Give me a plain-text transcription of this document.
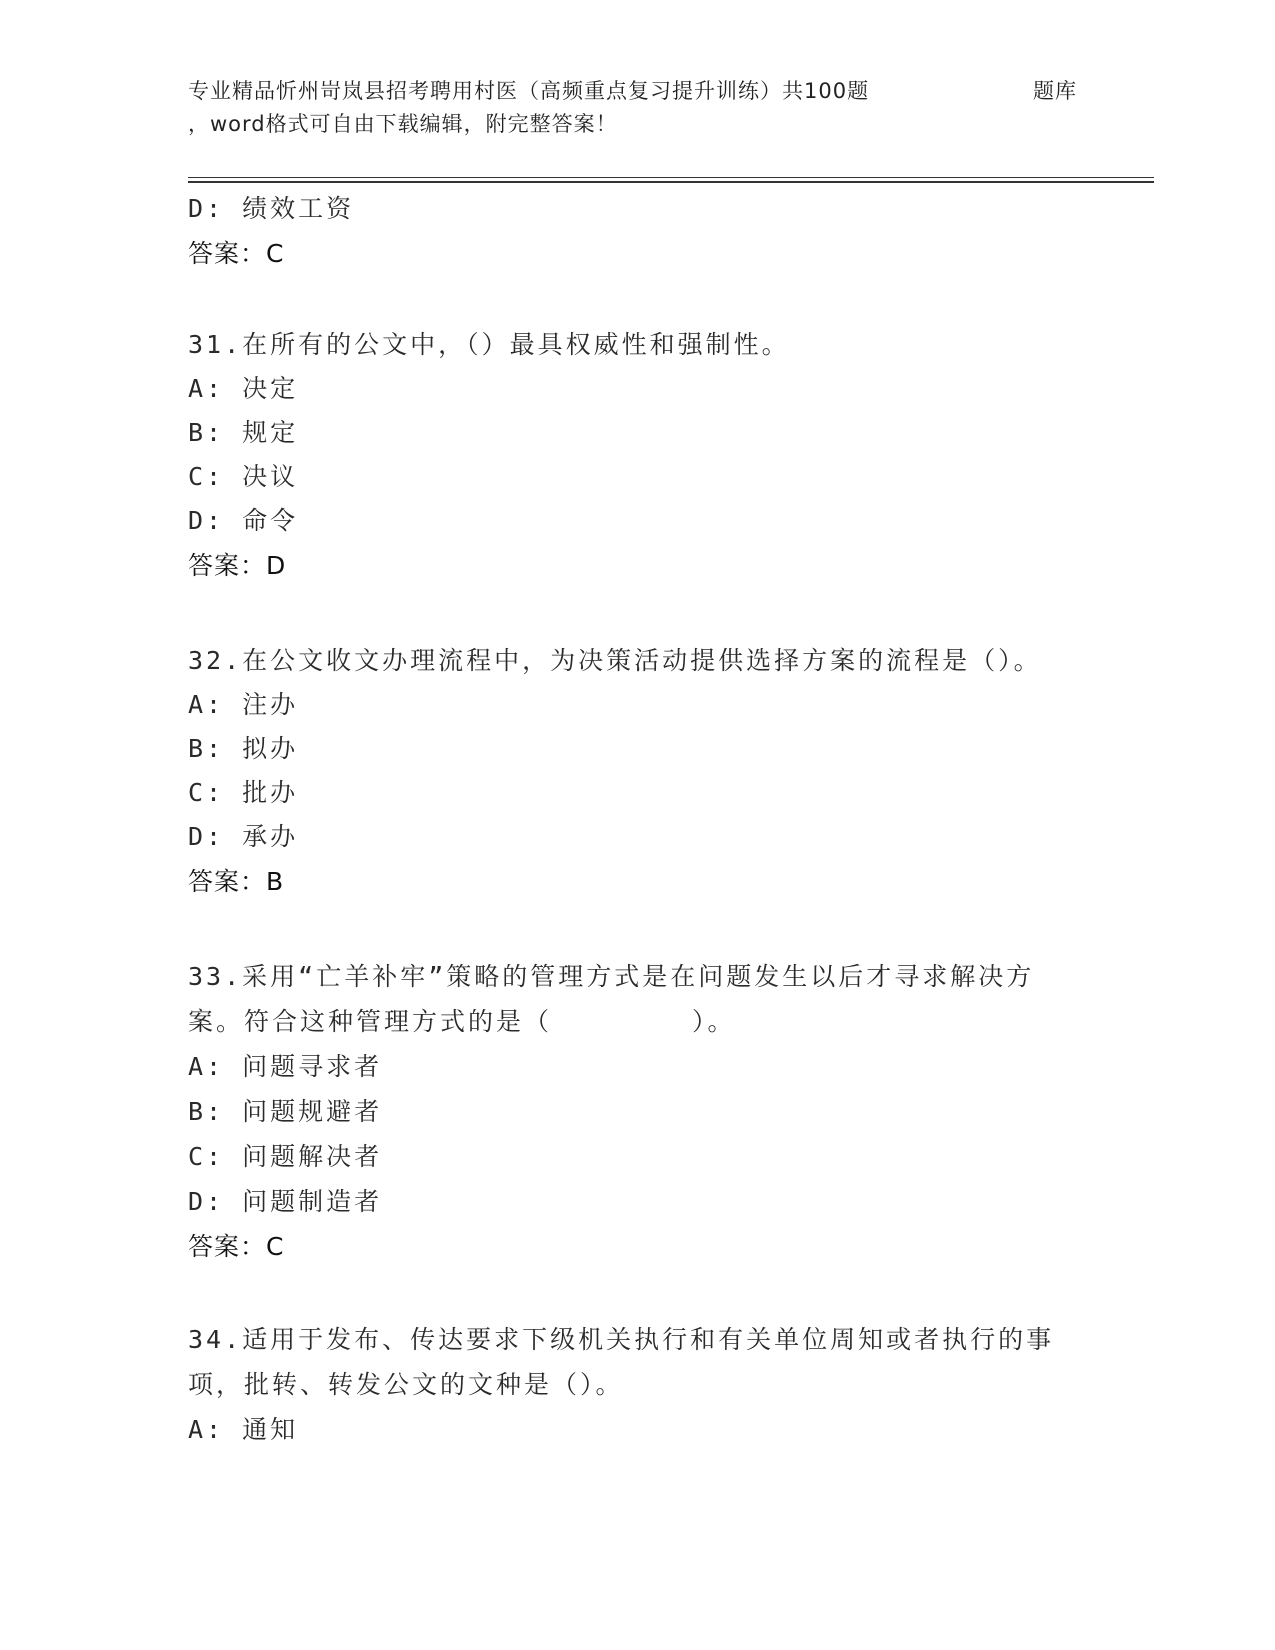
专业精品忻州岢岚县招考聘用村医（高频重点复习提升训练）共100题	题库
，word格式可自由下载编辑，附完整答案！
D: 绩效工资
答案：C
31.在所有的公文中，（）最具权威性和强制性。
A: 决定
B: 规定
C: 决议
D: 命令
答案：D
32.在公文收文办理流程中，为决策活动提供选择方案的流程是（）。
A: 注办
B: 拟办
C: 批办
D: 承办
答案：B
33.采用“亡羊补牢”策略的管理方式是在问题发生以后才寻求解决方
案。符合这种管理方式的是（　　　　　）。
A: 问题寻求者
B: 问题规避者
C: 问题解决者
D: 问题制造者
答案：C
34.适用于发布、传达要求下级机关执行和有关单位周知或者执行的事
项，批转、转发公文的文种是（）。
A: 通知
